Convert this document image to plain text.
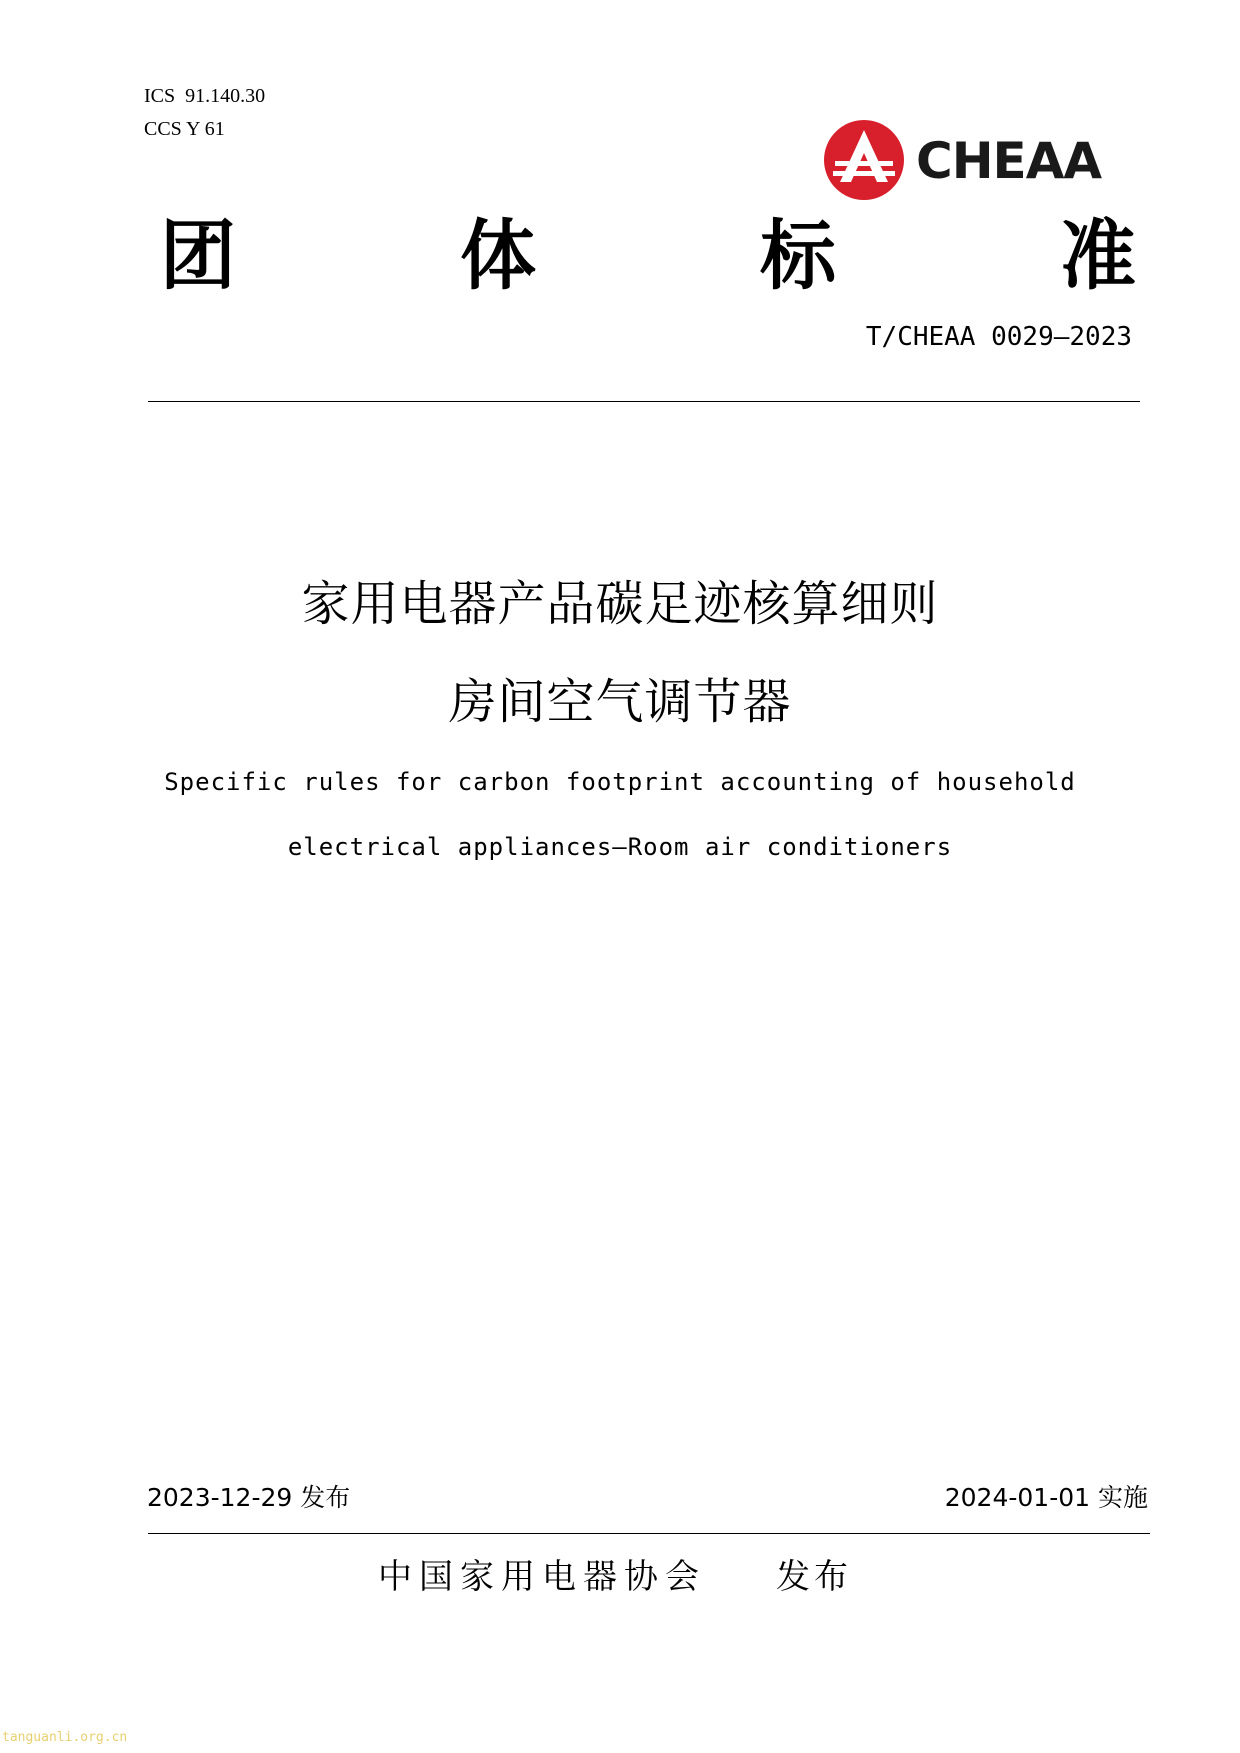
ICS  91.140.30
CCS Y 61
CHEAA
团	体	标	准
T/CHEAA 0029—2023
家用电器产品碳足迹核算细则
房间空气调节器
Specific rules for carbon footprint accounting of household
electrical appliances—Room air conditioners
2023-12-29 发布	2024-01-01 实施
中国家用电器协会 发布
tanguanli.org.cn
